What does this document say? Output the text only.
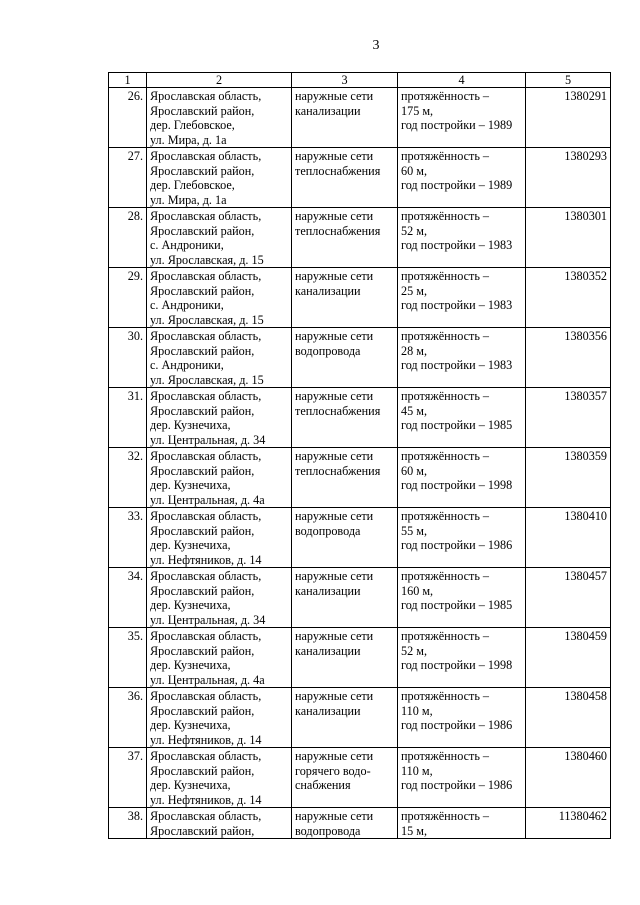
3
1	2	3	4	5
26.	Ярославская область,
Ярославский район,
дер. Глебовское,
ул. Мира, д. 1а	наружные сети
канализации	протяжённость –
175 м,
год постройки – 1989	1380291
27.	Ярославская область,
Ярославский район,
дер. Глебовское,
ул. Мира, д. 1а	наружные сети
теплоснабжения	протяжённость –
60 м,
год постройки – 1989	1380293
28.	Ярославская область,
Ярославский район,
с. Андроники,
ул. Ярославская, д. 15	наружные сети
теплоснабжения	протяжённость –
52 м,
год постройки – 1983	1380301
29.	Ярославская область,
Ярославский район,
с. Андроники,
ул. Ярославская, д. 15	наружные сети
канализации	протяжённость –
25 м,
год постройки – 1983	1380352
30.	Ярославская область,
Ярославский район,
с. Андроники,
ул. Ярославская, д. 15	наружные сети
водопровода	протяжённость –
28 м,
год постройки – 1983	1380356
31.	Ярославская область,
Ярославский район,
дер. Кузнечиха,
ул. Центральная, д. 34	наружные сети
теплоснабжения	протяжённость –
45 м,
год постройки – 1985	1380357
32.	Ярославская область,
Ярославский район,
дер. Кузнечиха,
ул. Центральная, д. 4а	наружные сети
теплоснабжения	протяжённость –
60 м,
год постройки – 1998	1380359
33.	Ярославская область,
Ярославский район,
дер. Кузнечиха,
ул. Нефтяников, д. 14	наружные сети
водопровода	протяжённость –
55 м,
год постройки – 1986	1380410
34.	Ярославская область,
Ярославский район,
дер. Кузнечиха,
ул. Центральная, д. 34	наружные сети
канализации	протяжённость –
160 м,
год постройки – 1985	1380457
35.	Ярославская область,
Ярославский район,
дер. Кузнечиха,
ул. Центральная, д. 4а	наружные сети
канализации	протяжённость –
52 м,
год постройки – 1998	1380459
36.	Ярославская область,
Ярославский район,
дер. Кузнечиха,
ул. Нефтяников, д. 14	наружные сети
канализации	протяжённость –
110 м,
год постройки – 1986	1380458
37.	Ярославская область,
Ярославский район,
дер. Кузнечиха,
ул. Нефтяников, д. 14	наружные сети
горячего водо-
снабжения	протяжённость –
110 м,
год постройки – 1986	1380460
38.	Ярославская область,
Ярославский район,	наружные сети
водопровода	протяжённость –
15 м,	11380462
